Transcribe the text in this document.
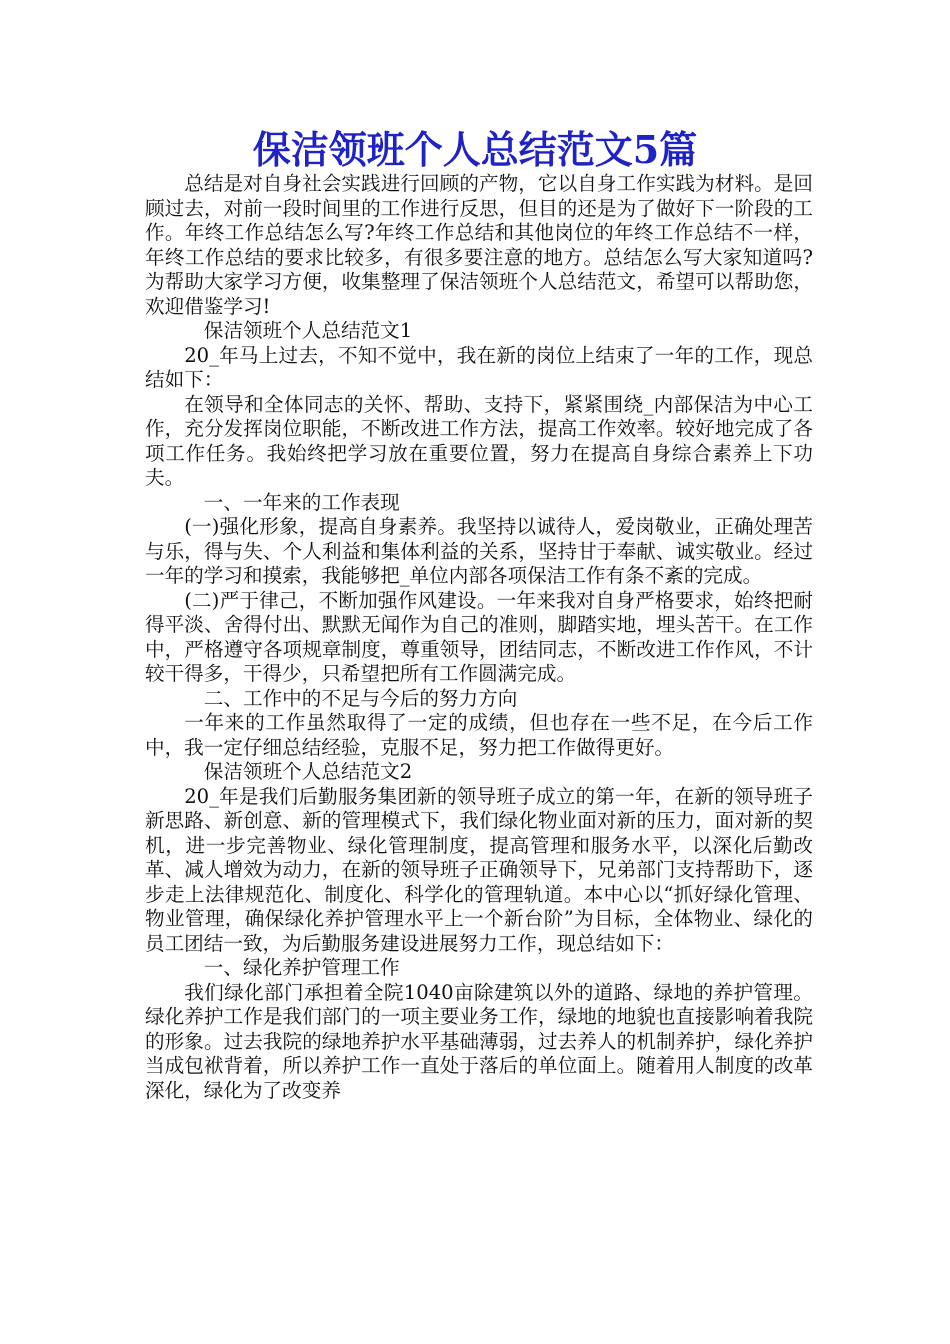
保洁领班个人总结范文5篇

总结是对自身社会实践进行回顾的产物，它以自身工作实践为材料。是回顾过去，对前一段时间里的工作进行反思，但目的还是为了做好下一阶段的工作。年终工作总结怎么写?年终工作总结和其他岗位的年终工作总结不一样，年终工作总结的要求比较多，有很多要注意的地方。总结怎么写大家知道吗?为帮助大家学习方便，收集整理了保洁领班个人总结范文，希望可以帮助您，欢迎借鉴学习!

保洁领班个人总结范文1

20_年马上过去，不知不觉中，我在新的岗位上结束了一年的工作，现总结如下：

在领导和全体同志的关怀、帮助、支持下，紧紧围绕_内部保洁为中心工作，充分发挥岗位职能，不断改进工作方法，提高工作效率。较好地完成了各项工作任务。我始终把学习放在重要位置，努力在提高自身综合素养上下功夫。

一、一年来的工作表现

(一)强化形象，提高自身素养。我坚持以诚待人，爱岗敬业，正确处理苦与乐，得与失、个人利益和集体利益的关系，坚持甘于奉献、诚实敬业。经过一年的学习和摸索，我能够把_单位内部各项保洁工作有条不紊的完成。

(二)严于律己，不断加强作风建设。一年来我对自身严格要求，始终把耐得平淡、舍得付出、默默无闻作为自己的准则，脚踏实地，埋头苦干。在工作中，严格遵守各项规章制度，尊重领导，团结同志，不断改进工作作风，不计较干得多，干得少，只希望把所有工作圆满完成。

二、工作中的不足与今后的努力方向

一年来的工作虽然取得了一定的成绩，但也存在一些不足，在今后工作中，我一定仔细总结经验，克服不足，努力把工作做得更好。

保洁领班个人总结范文2

20_年是我们后勤服务集团新的领导班子成立的第一年，在新的领导班子新思路、新创意、新的管理模式下，我们绿化物业面对新的压力，面对新的契机，进一步完善物业、绿化管理制度，提高管理和服务水平，以深化后勤改革、减人增效为动力，在新的领导班子正确领导下，兄弟部门支持帮助下，逐步走上法律规范化、制度化、科学化的管理轨道。本中心以“抓好绿化管理、物业管理，确保绿化养护管理水平上一个新台阶”为目标，全体物业、绿化的员工团结一致，为后勤服务建设进展努力工作，现总结如下：

一、绿化养护管理工作

我们绿化部门承担着全院1040亩除建筑以外的道路、绿地的养护管理。绿化养护工作是我们部门的一项主要业务工作，绿地的地貌也直接影响着我院的形象。过去我院的绿地养护水平基础薄弱，过去养人的机制养护，绿化养护当成包袱背着，所以养护工作一直处于落后的单位面上。随着用人制度的改革深化，绿化为了改变养
